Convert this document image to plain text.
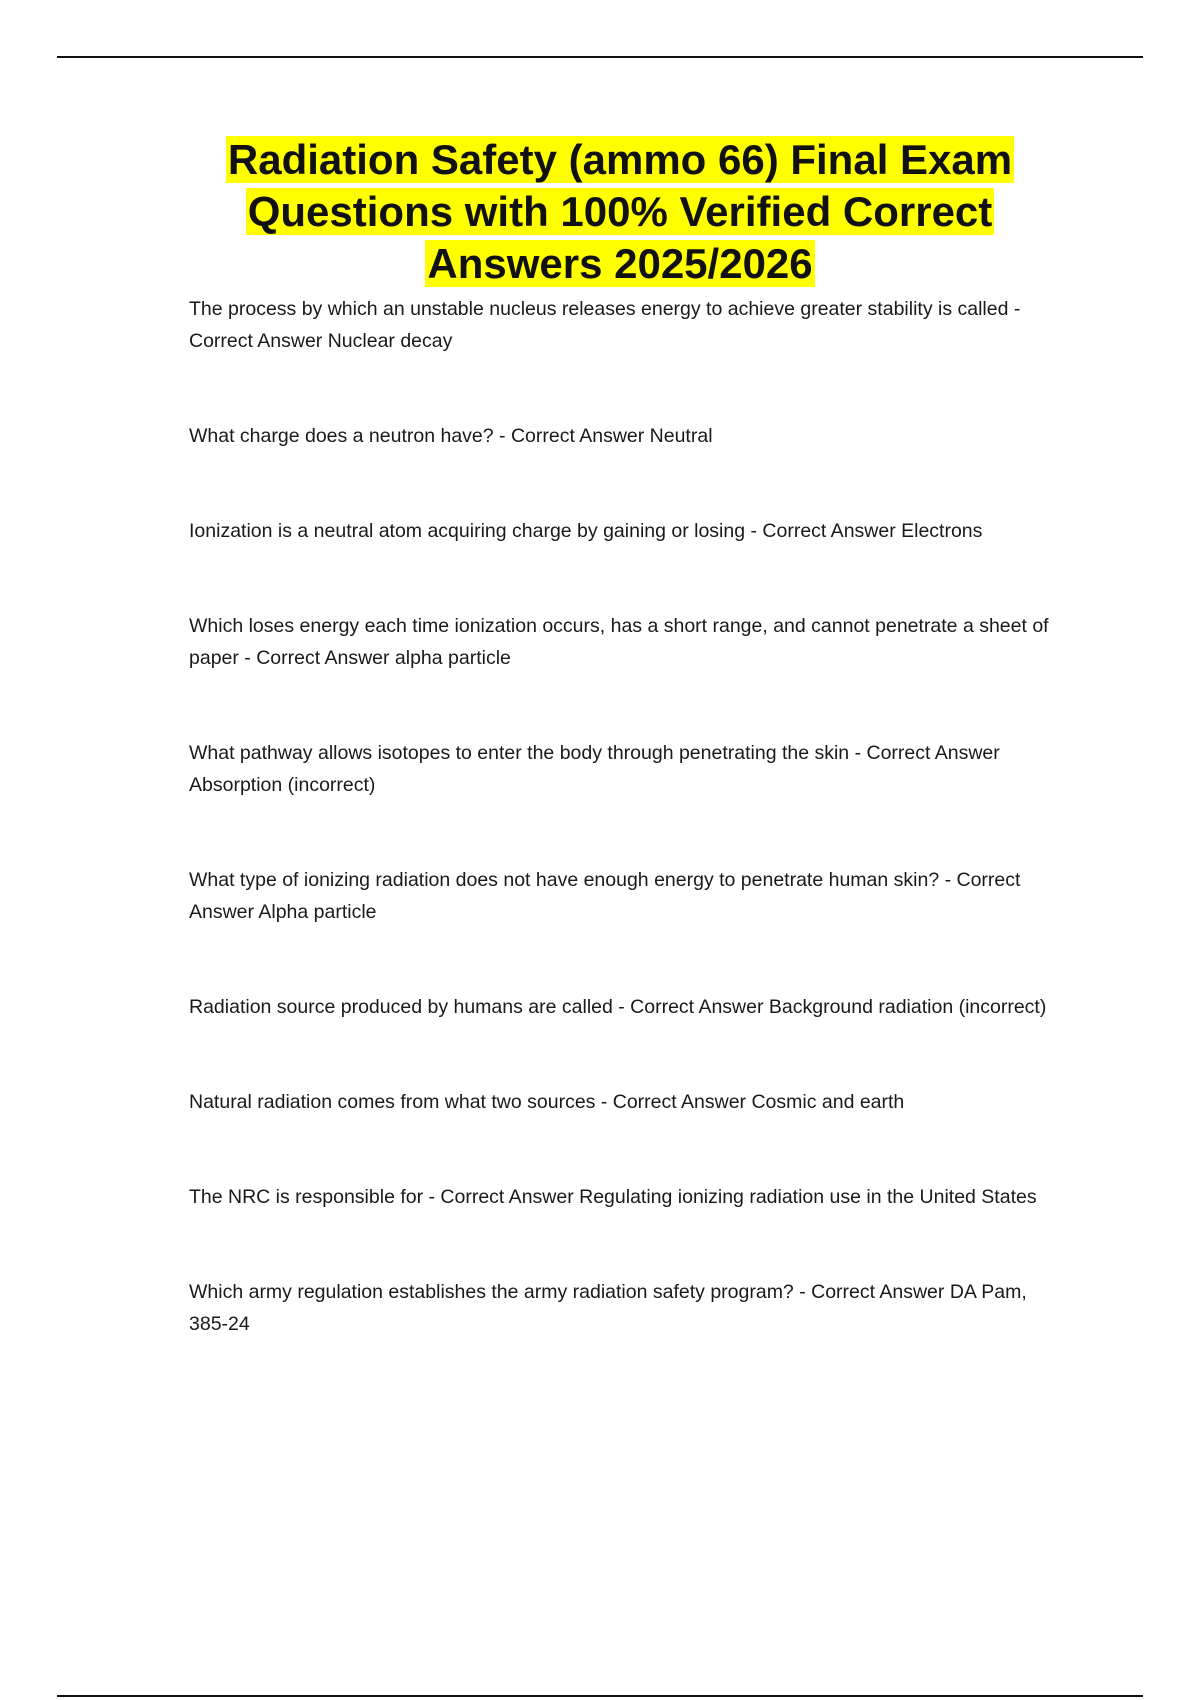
Radiation Safety (ammo 66) Final Exam Questions with 100% Verified Correct Answers 2025/2026
The process by which an unstable nucleus releases energy to achieve greater stability is called - Correct Answer Nuclear decay
What charge does a neutron have? - Correct Answer Neutral
Ionization is a neutral atom acquiring charge by gaining or losing - Correct Answer Electrons
Which loses energy each time ionization occurs, has a short range, and cannot penetrate a sheet of paper - Correct Answer alpha particle
What pathway allows isotopes to enter the body through penetrating the skin - Correct Answer Absorption (incorrect)
What type of ionizing radiation does not have enough energy to penetrate human skin? - Correct Answer Alpha particle
Radiation source produced by humans are called - Correct Answer Background radiation (incorrect)
Natural radiation comes from what two sources - Correct Answer Cosmic and earth
The NRC is responsible for - Correct Answer Regulating ionizing radiation use in the United States
Which army regulation establishes the army radiation safety program? - Correct Answer DA Pam, 385-24
